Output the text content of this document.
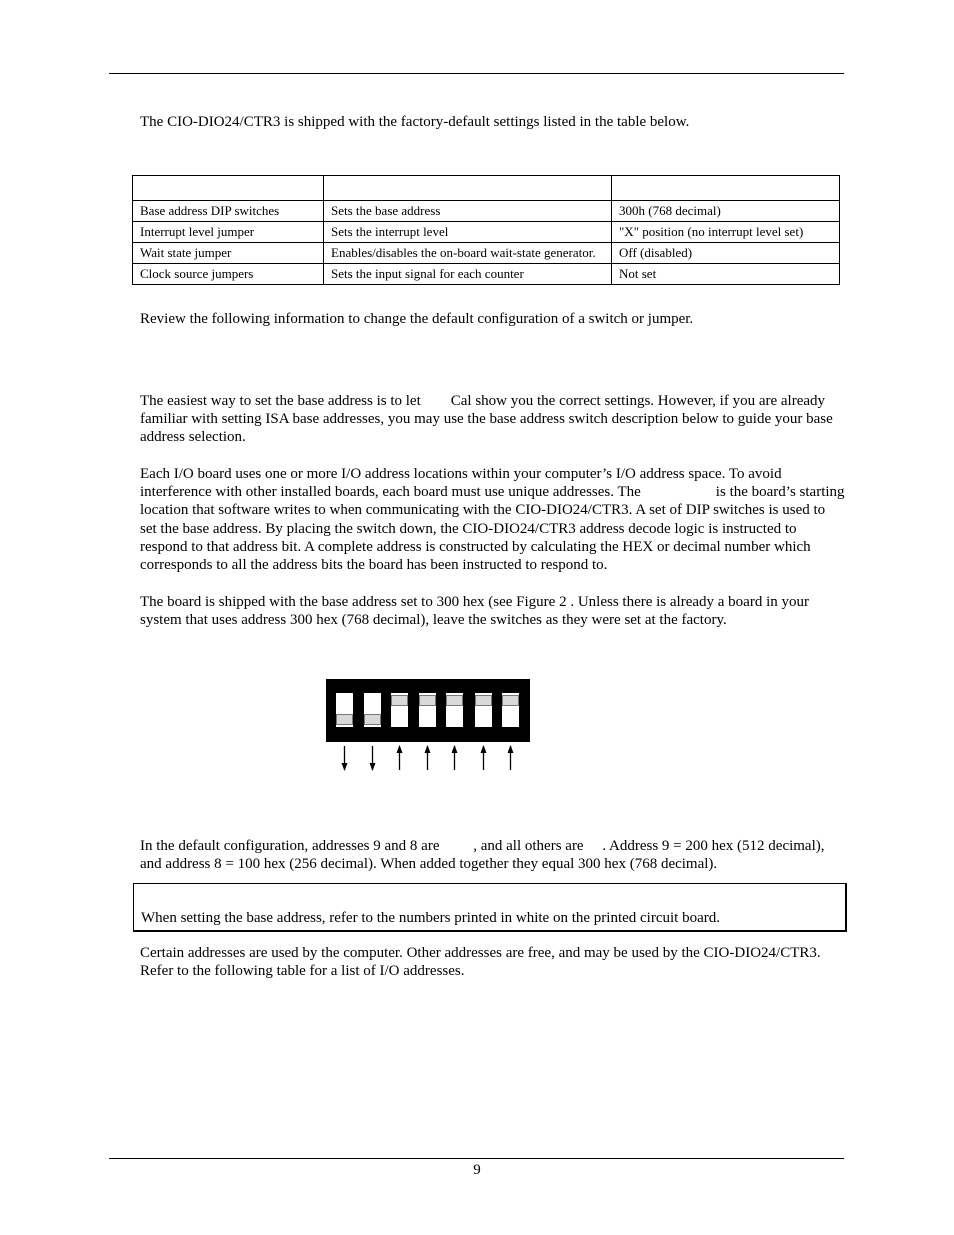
The CIO-DIO24/CTR3 is shipped with the factory-default settings listed in the table below.

Base address DIP switches	Sets the base address	300h (768 decimal)
Interrupt level jumper	Sets the interrupt level	"X" position (no interrupt level set)
Wait state jumper	Enables/disables the on-board wait-state generator.	Off (disabled)
Clock source jumpers	Sets the input signal for each counter	Not set

Review the following information to change the default configuration of a switch or jumper.

The easiest way to set the base address is to let        Cal show you the correct settings. However, if you are already familiar with setting ISA base addresses, you may use the base address switch description below to guide your base address selection.

Each I/O board uses one or more I/O address locations within your computer’s I/O address space. To avoid interference with other installed boards, each board must use unique addresses. The                    is the board’s starting location that software writes to when communicating with the CIO-DIO24/CTR3. A set of DIP switches is used to set the base address. By placing the switch down, the CIO-DIO24/CTR3 address decode logic is instructed to respond to that address bit. A complete address is constructed by calculating the HEX or decimal number which corresponds to all the address bits the board has been instructed to respond to.

The board is shipped with the base address set to 300 hex (see Figure 2 . Unless there is already a board in your system that uses address 300 hex (768 decimal), leave the switches as they were set at the factory.

In the default configuration, addresses 9 and 8 are         , and all others are     . Address 9 = 200 hex (512 decimal), and address 8 = 100 hex (256 decimal). When added together they equal 300 hex (768 decimal).

When setting the base address, refer to the numbers printed in white on the printed circuit board.

Certain addresses are used by the computer. Other addresses are free, and may be used by the CIO-DIO24/CTR3. Refer to the following table for a list of I/O addresses.

9
